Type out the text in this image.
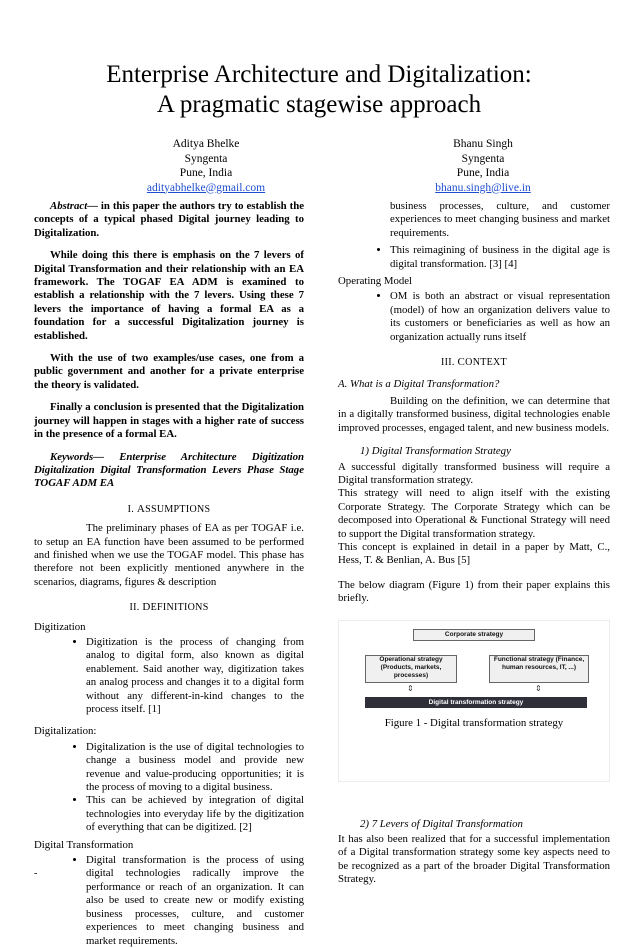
Enterprise Architecture and Digitalization:
A pragmatic stagewise approach
Aditya Bhelke
Syngenta
Pune, India
adityabhelke@gmail.com
Bhanu Singh
Syngenta
Pune, India
bhanu.singh@live.in

Abstract— in this paper the authors try to establish the concepts of a typical phased Digital journey leading to Digitalization.

While doing this there is emphasis on the 7 levers of Digital Transformation and their relationship with an EA framework. The TOGAF EA ADM is examined to establish a relationship with the 7 levers. Using these 7 levers the importance of having a formal EA as a foundation for a successful Digitalization journey is established.

With the use of two examples/use cases, one from a public government and another for a private enterprise the theory is validated.

Finally a conclusion is presented that the Digitalization journey will happen in stages with a higher rate of success in the presence of a formal EA.

Keywords— Enterprise Architecture Digitization Digitalization Digital Transformation Levers Phase Stage TOGAF ADM EA

I. ASSUMPTIONS

The preliminary phases of EA as per TOGAF i.e. to setup an EA function have been assumed to be performed and finished when we use the TOGAF model. This phase has therefore not been explicitly mentioned anywhere in the scenarios, diagrams, figures & description

II. DEFINITIONS

Digitization

• Digitization is the process of changing from analog to digital form, also known as digital enablement. Said another way, digitization takes an analog process and changes it to a digital form without any different-in-kind changes to the process itself. [1]

Digitalization:

• Digitalization is the use of digital technologies to change a business model and provide new revenue and value-producing opportunities; it is the process of moving to a digital business.
• This can be achieved by integration of digital technologies into everyday life by the digitization of everything that can be digitized. [2]

Digital Transformation

• Digital transformation is the process of using digital technologies radically improve the performance or reach of an organization. It can also be used to create new or modify existing business processes, culture, and customer experiences to meet changing business and market requirements.
business processes, culture, and customer experiences to meet changing business and market requirements.
• This reimagining of business in the digital age is digital transformation. [3] [4]

Operating Model

• OM is both an abstract or visual representation (model) of how an organization delivers value to its customers or beneficiaries as well as how an organization actually runs itself
III. CONTEXT

A. What is a Digital Transformation?

Building on the definition, we can determine that in a digitally transformed business, digital technologies enable improved processes, engaged talent, and new business models.

1) Digital Transformation Strategy

A successful digitally transformed business will require a Digital transformation strategy.

This strategy will need to align itself with the existing Corporate Strategy. The Corporate Strategy which can be decomposed into Operational & Functional Strategy will need to support the Digital transformation strategy.

This concept is explained in detail in a paper by Matt, C., Hess, T. & Benlian, A. Bus [5]

The below diagram (Figure 1) from their paper explains this briefly.

Corporate strategy
Operational strategy (Products, markets, processes)
Functional strategy (Finance, human resources, IT, ...)
⇕	⇕
Digital transformation strategy
Figure 1 - Digital transformation strategy

2) 7 Levers of Digital Transformation

It has also been realized that for a successful implementation of a Digital transformation strategy some key aspects need to be recognized as a part of the broader Digital Transformation Strategy.

-
